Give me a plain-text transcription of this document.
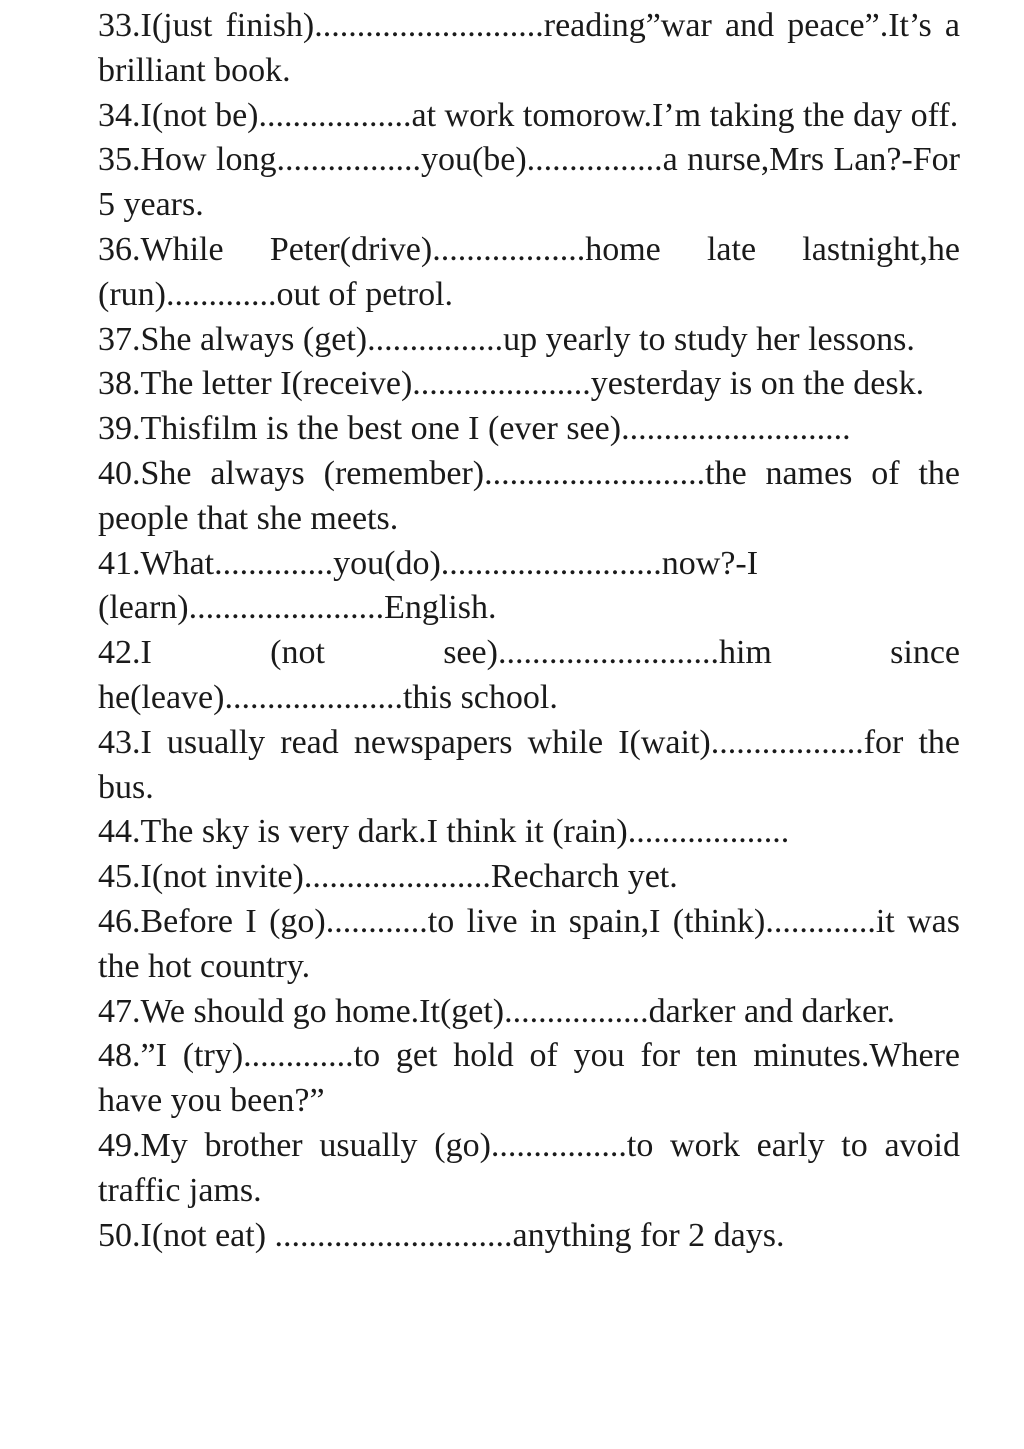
33.I(just finish)...........................reading”war and peace”.It’s a brilliant book.
34.I(not be)..................at work tomorow.I’m taking the day off.
35.How long.................you(be)................a nurse,Mrs Lan?-For 5 years.
36.While Peter(drive)..................home late lastnight,he (run).............out of petrol.
37.She always (get)................up yearly to study her lessons.
38.The letter I(receive).....................yesterday is on the desk.
39.Thisfilm is the best one I (ever see)...........................
40.She always (remember)..........................the names of the people that she meets.
41.What..............you(do)..........................now?-I (learn).......................English.
42.I (not see)..........................him since he(leave).....................this school.
43.I usually read newspapers while I(wait)..................for the bus.
44.The sky is very dark.I think it (rain)...................
45.I(not invite)......................Recharch yet.
46.Before I (go)............to live in spain,I (think).............it was the hot country.
47.We should go home.It(get).................darker and darker.
48.”I (try).............to get hold of you for ten minutes.Where have you been?”
49.My brother usually (go)................to work early to avoid traffic jams.
50.I(not eat) ............................anything for 2 days.
